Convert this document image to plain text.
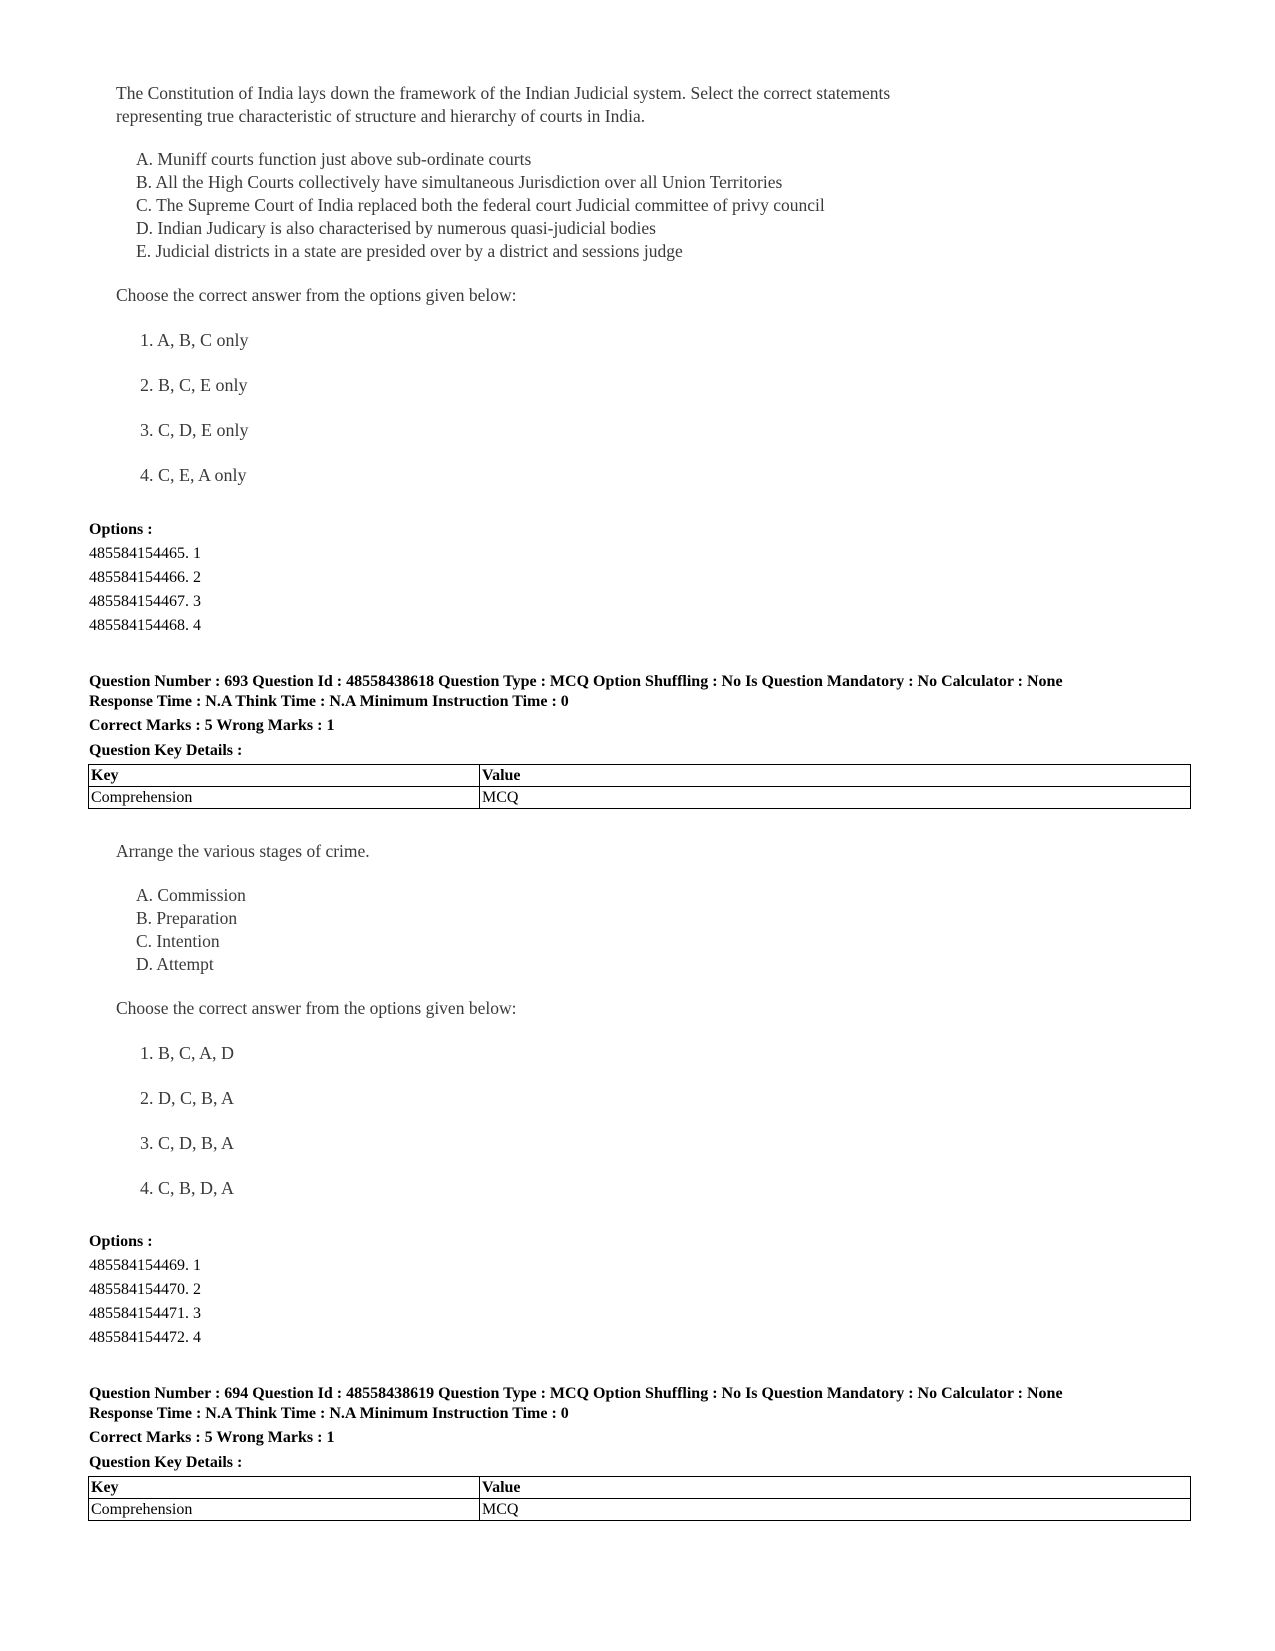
The Constitution of India lays down the framework of the Indian Judicial system. Select the correct statements
representing true characteristic of structure and hierarchy of courts in India.
A. Muniff courts function just above sub-ordinate courts
B. All the High Courts collectively have simultaneous Jurisdiction over all Union Territories
C. The Supreme Court of India replaced both the federal court Judicial committee of privy council
D. Indian Judicary is also characterised by numerous quasi-judicial bodies
E. Judicial districts in a state are presided over by a district and sessions judge
Choose the correct answer from the options given below:
1. A, B, C only
2. B, C, E only
3. C, D, E only
4. C, E, A only
Options :
485584154465. 1
485584154466. 2
485584154467. 3
485584154468. 4
Question Number : 693 Question Id : 48558438618 Question Type : MCQ Option Shuffling : No Is Question Mandatory : No Calculator : None
Response Time : N.A Think Time : N.A Minimum Instruction Time : 0
Correct Marks : 5 Wrong Marks : 1
Question Key Details :
Key	Value
Comprehension	MCQ
Arrange the various stages of crime.
A. Commission
B. Preparation
C. Intention
D. Attempt
Choose the correct answer from the options given below:
1. B, C, A, D
2. D, C, B, A
3. C, D, B, A
4. C, B, D, A
Options :
485584154469. 1
485584154470. 2
485584154471. 3
485584154472. 4
Question Number : 694 Question Id : 48558438619 Question Type : MCQ Option Shuffling : No Is Question Mandatory : No Calculator : None
Response Time : N.A Think Time : N.A Minimum Instruction Time : 0
Correct Marks : 5 Wrong Marks : 1
Question Key Details :
Key	Value
Comprehension	MCQ
